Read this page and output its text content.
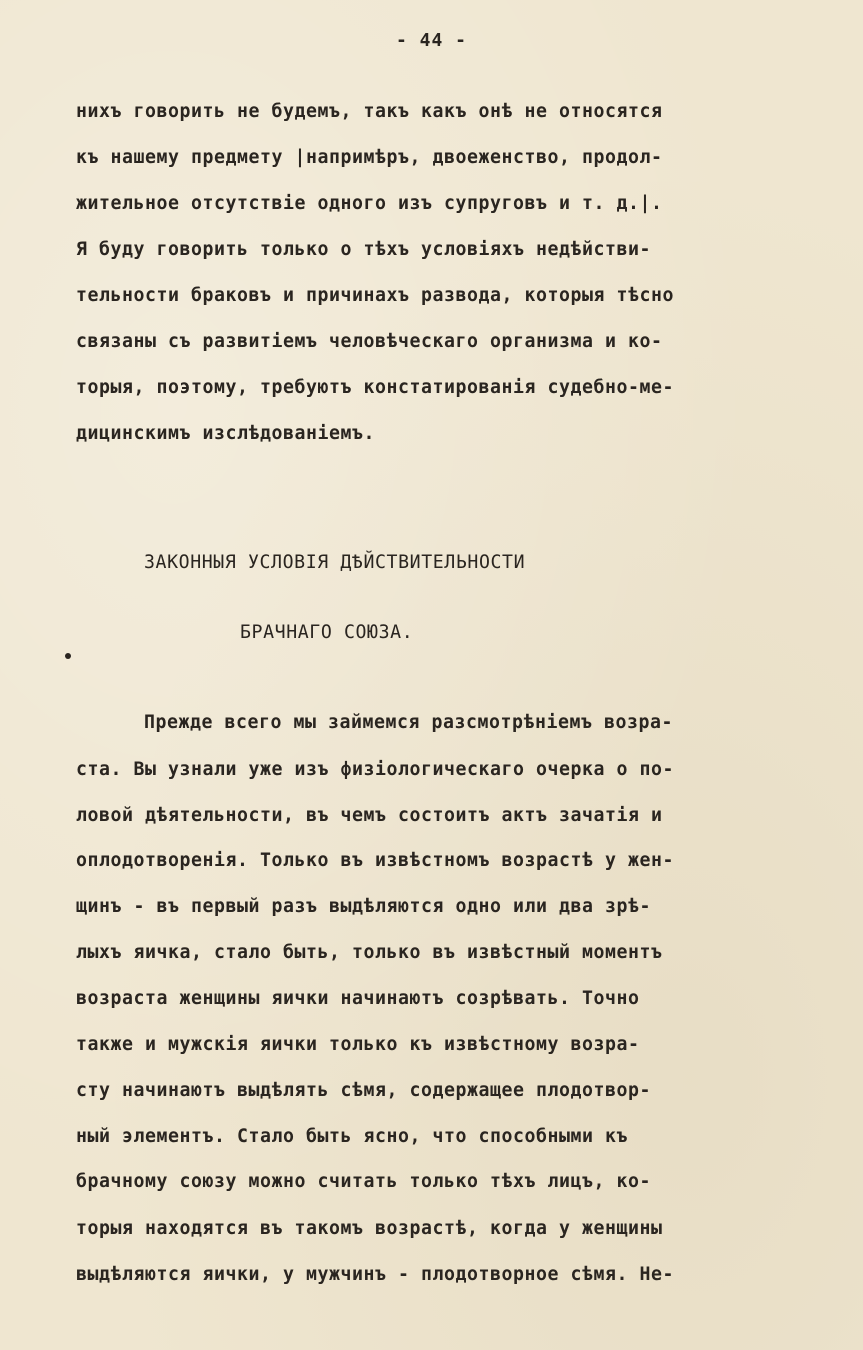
- 44 -
нихъ говорить не будемъ, такъ какъ онѣ не относятся
къ нашему предмету |напримѣръ, двоеженство, продол-
жительное отсутствіе одного изъ супруговъ и т. д.|.
Я буду говорить только о тѣхъ условіяхъ недѣйстви-
тельности браковъ и причинахъ развода, которыя тѣсно
связаны съ развитіемъ человѣческаго организма и ко-
торыя, поэтому, требуютъ констатированія судебно-ме-
дицинскимъ изслѣдованіемъ.
ЗАКОННЫЯ УСЛОВІЯ ДѢЙСТВИТЕЛЬНОСТИ
БРАЧНАГО СОЮЗА.
Прежде всего мы займемся разсмотрѣніемъ возра-
ста. Вы узнали уже изъ физіологическаго очерка о по-
ловой дѣятельности, въ чемъ состоитъ актъ зачатія и
оплодотворенія. Только въ извѣстномъ возрастѣ у жен-
щинъ - въ первый разъ выдѣляются одно или два зрѣ-
лыхъ яичка, стало быть, только въ извѣстный моментъ
возраста женщины яички начинаютъ созрѣвать. Точно
также и мужскія яички только къ извѣстному возра-
сту начинаютъ выдѣлять сѣмя, содержащее плодотвор-
ный элементъ. Стало быть ясно, что способными къ
брачному союзу можно считать только тѣхъ лицъ, ко-
торыя находятся въ такомъ возрастѣ, когда у женщины
выдѣляются яички, у мужчинъ - плодотворное сѣмя. Не-
